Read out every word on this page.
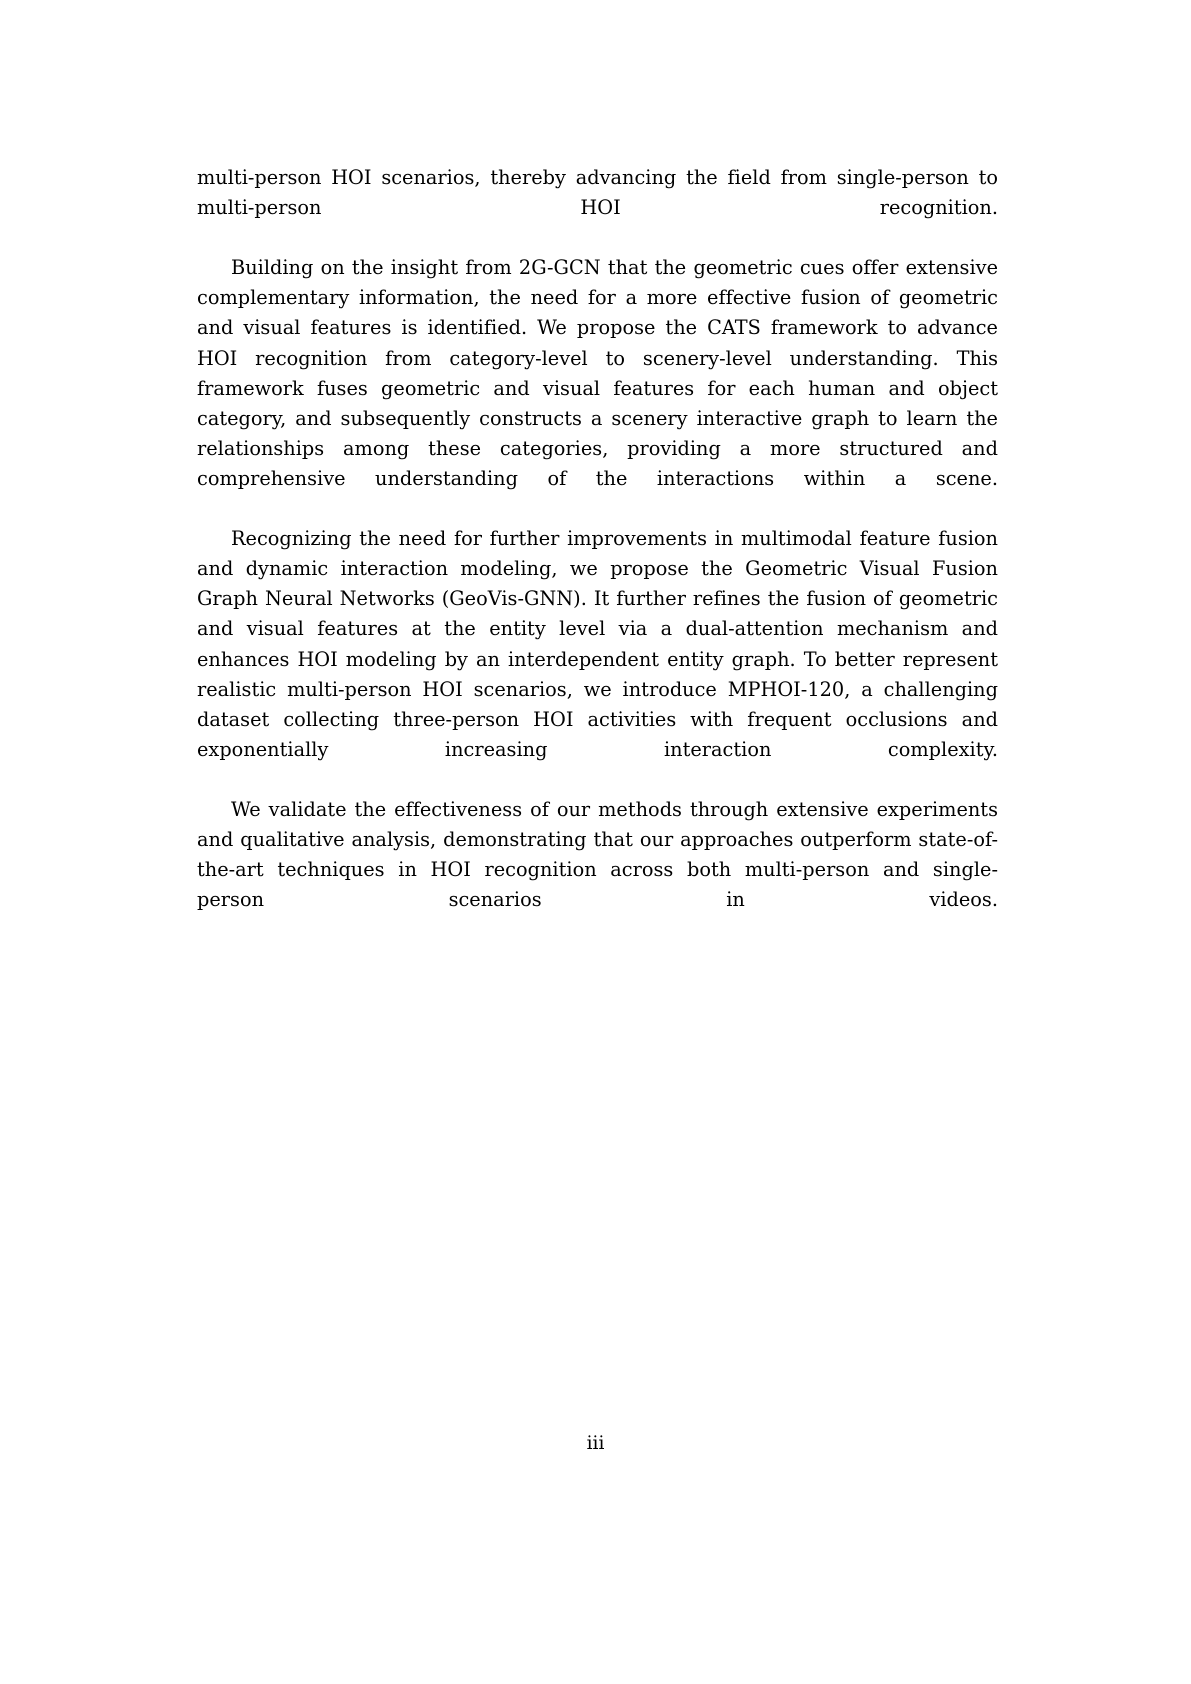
multi-person HOI scenarios, thereby advancing the field from single-person to multi-person HOI recognition.

Building on the insight from 2G-GCN that the geometric cues offer extensive complementary information, the need for a more effective fusion of geometric and visual features is identified. We propose the CATS framework to advance HOI recognition from category-level to scenery-level understanding. This framework fuses geometric and visual features for each human and object category, and subsequently constructs a scenery interactive graph to learn the relationships among these categories, providing a more structured and comprehensive understanding of the interactions within a scene.

Recognizing the need for further improvements in multimodal feature fusion and dynamic interaction modeling, we propose the Geometric Visual Fusion Graph Neural Networks (GeoVis-GNN). It further refines the fusion of geometric and visual features at the entity level via a dual-attention mechanism and enhances HOI modeling by an interdependent entity graph. To better represent realistic multi-person HOI scenarios, we introduce MPHOI-120, a challenging dataset collecting three-person HOI activities with frequent occlusions and exponentially increasing interaction complexity.

We validate the effectiveness of our methods through extensive experiments and qualitative analysis, demonstrating that our approaches outperform state-of-the-art techniques in HOI recognition across both multi-person and single-person scenarios in videos.

iii
